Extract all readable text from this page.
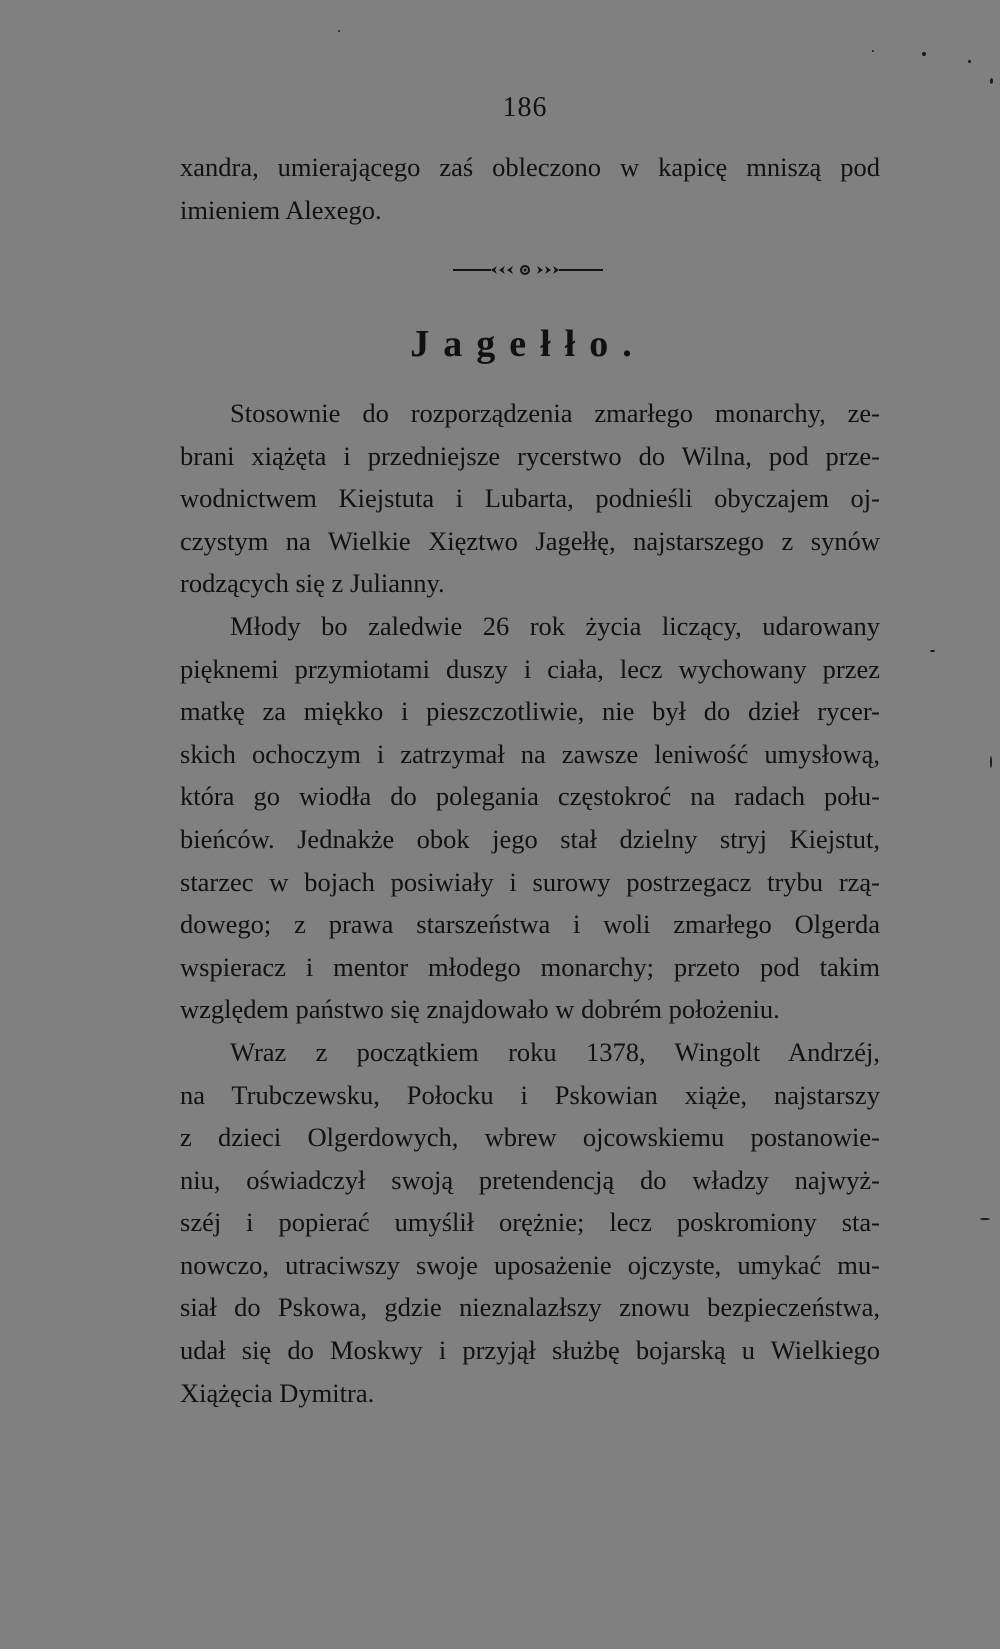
186
xandra, umierającego zaś obleczono w kapicę mniszą pod
imieniem Alexego.
Jagełło.
Stosownie do rozporządzenia zmarłego monarchy, ze-
brani xiążęta i przedniejsze rycerstwo do Wilna, pod prze-
wodnictwem Kiejstuta i Lubarta, podnieśli obyczajem oj-
czystym na Wielkie Xięztwo Jagełłę, najstarszego z synów
rodzących się z Julianny.
Młody bo zaledwie 26 rok życia liczący, udarowany
pięknemi przymiotami duszy i ciała, lecz wychowany przez
matkę za miękko i pieszczotliwie, nie był do dzieł rycer-
skich ochoczym i zatrzymał na zawsze leniwość umysłową,
która go wiodła do polegania częstokroć na radach połu-
bieńców. Jednakże obok jego stał dzielny stryj Kiejstut,
starzec w bojach posiwiały i surowy postrzegacz trybu rzą-
dowego; z prawa starszeństwa i woli zmarłego Olgerda
wspieracz i mentor młodego monarchy; przeto pod takim
względem państwo się znajdowało w dobrém położeniu.
Wraz z początkiem roku 1378, Wingolt Andrzéj,
na Trubczewsku, Połocku i Pskowian xiąże, najstarszy
z dzieci Olgerdowych, wbrew ojcowskiemu postanowie-
niu, oświadczył swoją pretendencją do władzy najwyż-
széj i popierać umyślił orężnie; lecz poskromiony sta-
nowczo, utraciwszy swoje uposażenie ojczyste, umykać mu-
siał do Pskowa, gdzie nieznalazłszy znowu bezpieczeństwa,
udał się do Moskwy i przyjął służbę bojarską u Wielkiego
Xiążęcia Dymitra.
